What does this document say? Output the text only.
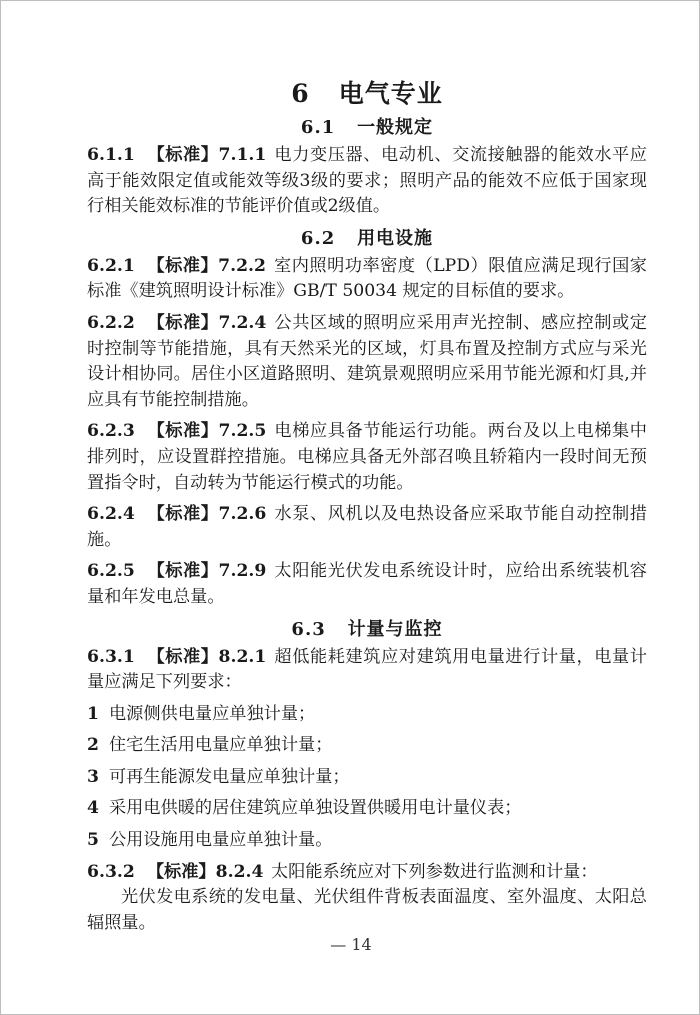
6 电气专业
6.1 一般规定

6.1.1 【标准】7.1.1 电力变压器、电动机、交流接触器的能效水平应高于能效限定值或能效等级3级的要求；照明产品的能效不应低于国家现行相关能效标准的节能评价值或2级值。

6.2 用电设施

6.2.1 【标准】7.2.2 室内照明功率密度（LPD）限值应满足现行国家标准《建筑照明设计标准》GB/T 50034 规定的目标值的要求。

6.2.2 【标准】7.2.4 公共区域的照明应采用声光控制、感应控制或定时控制等节能措施，具有天然采光的区域，灯具布置及控制方式应与采光设计相协同。居住小区道路照明、建筑景观照明应采用节能光源和灯具,并应具有节能控制措施。

6.2.3 【标准】7.2.5 电梯应具备节能运行功能。两台及以上电梯集中排列时，应设置群控措施。电梯应具备无外部召唤且轿箱内一段时间无预置指令时，自动转为节能运行模式的功能。

6.2.4 【标准】7.2.6 水泵、风机以及电热设备应采取节能自动控制措施。

6.2.5 【标准】7.2.9 太阳能光伏发电系统设计时，应给出系统装机容量和年发电总量。

6.3 计量与监控

6.3.1 【标准】8.2.1 超低能耗建筑应对建筑用电量进行计量，电量计量应满足下列要求：

1 电源侧供电量应单独计量；
2 住宅生活用电量应单独计量；
3 可再生能源发电量应单独计量；
4 采用电供暖的居住建筑应单独设置供暖用电计量仪表；
5 公用设施用电量应单独计量。

6.3.2 【标准】8.2.4 太阳能系统应对下列参数进行监测和计量：

光伏发电系统的发电量、光伏组件背板表面温度、室外温度、太阳总辐照量。

— 14
